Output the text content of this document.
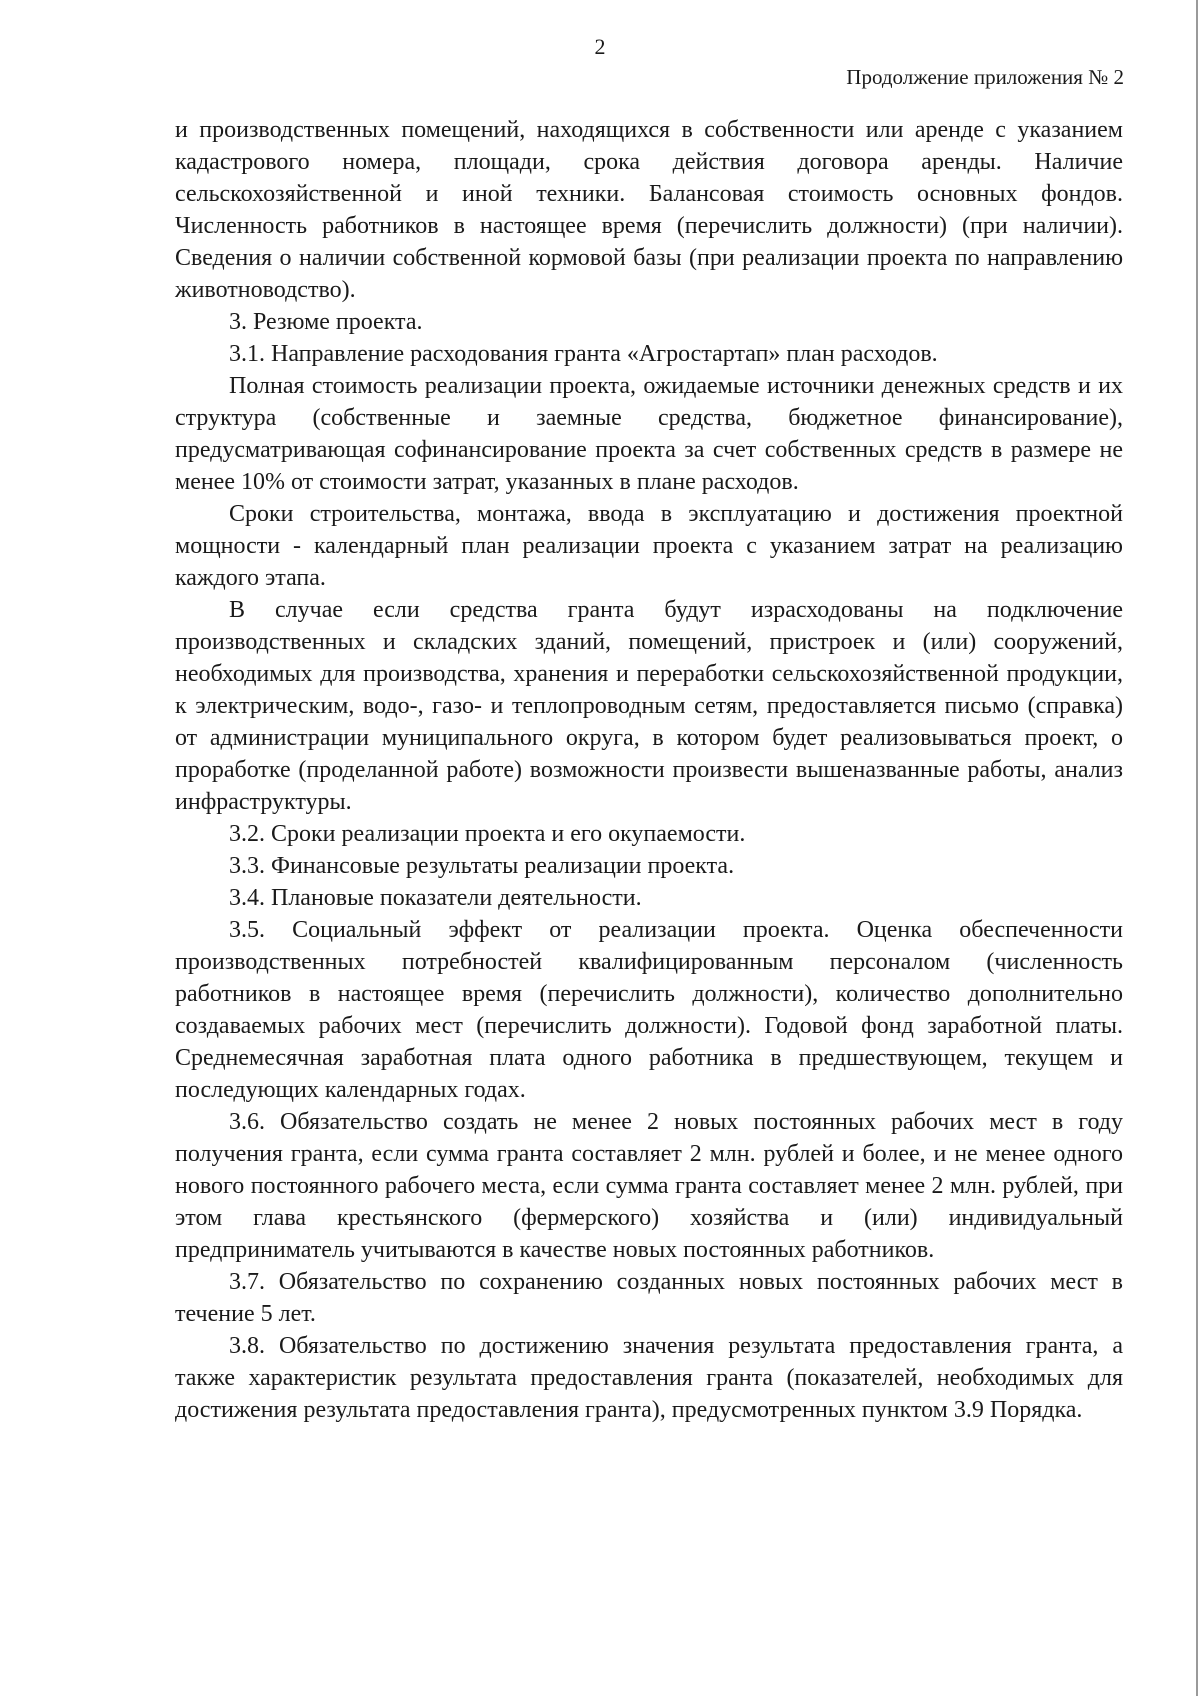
2
Продолжение приложения № 2

и производственных помещений, находящихся в собственности или аренде с указанием кадастрового номера, площади, срока действия договора аренды. Наличие сельскохозяйственной и иной техники. Балансовая стоимость основных фондов. Численность работников в настоящее время (перечислить должности) (при наличии). Сведения о наличии собственной кормовой базы (при реализации проекта по направлению животноводство).

3. Резюме проекта.

3.1. Направление расходования гранта «Агростартап» план расходов.

Полная стоимость реализации проекта, ожидаемые источники денежных средств и их структура (собственные и заемные средства, бюджетное финансирование), предусматривающая софинансирование проекта за счет собственных средств в размере не менее 10% от стоимости затрат, указанных в плане расходов.

Сроки строительства, монтажа, ввода в эксплуатацию и достижения проектной мощности - календарный план реализации проекта с указанием затрат на реализацию каждого этапа.

В случае если средства гранта будут израсходованы на подключение производственных и складских зданий, помещений, пристроек и (или) сооружений, необходимых для производства, хранения и переработки сельскохозяйственной продукции, к электрическим, водо-, газо- и теплопроводным сетям, предоставляется письмо (справка) от администрации муниципального округа, в котором будет реализовываться проект, о проработке (проделанной работе) возможности произвести вышеназванные работы, анализ инфраструктуры.

3.2. Сроки реализации проекта и его окупаемости.

3.3. Финансовые результаты реализации проекта.

3.4. Плановые показатели деятельности.

3.5. Социальный эффект от реализации проекта. Оценка обеспеченности производственных потребностей квалифицированным персоналом (численность работников в настоящее время (перечислить должности), количество дополнительно создаваемых рабочих мест (перечислить должности). Годовой фонд заработной платы. Среднемесячная заработная плата одного работника в предшествующем, текущем и последующих календарных годах.

3.6. Обязательство создать не менее 2 новых постоянных рабочих мест в году получения гранта, если сумма гранта составляет 2 млн. рублей и более, и не менее одного нового постоянного рабочего места, если сумма гранта составляет менее 2 млн. рублей, при этом глава крестьянского (фермерского) хозяйства и (или) индивидуальный предприниматель учитываются в качестве новых постоянных работников.

3.7. Обязательство по сохранению созданных новых постоянных рабочих мест в течение 5 лет.

3.8. Обязательство по достижению значения результата предоставления гранта, а также характеристик результата предоставления гранта (показателей, необходимых для достижения результата предоставления гранта), предусмотренных пунктом 3.9 Порядка.
